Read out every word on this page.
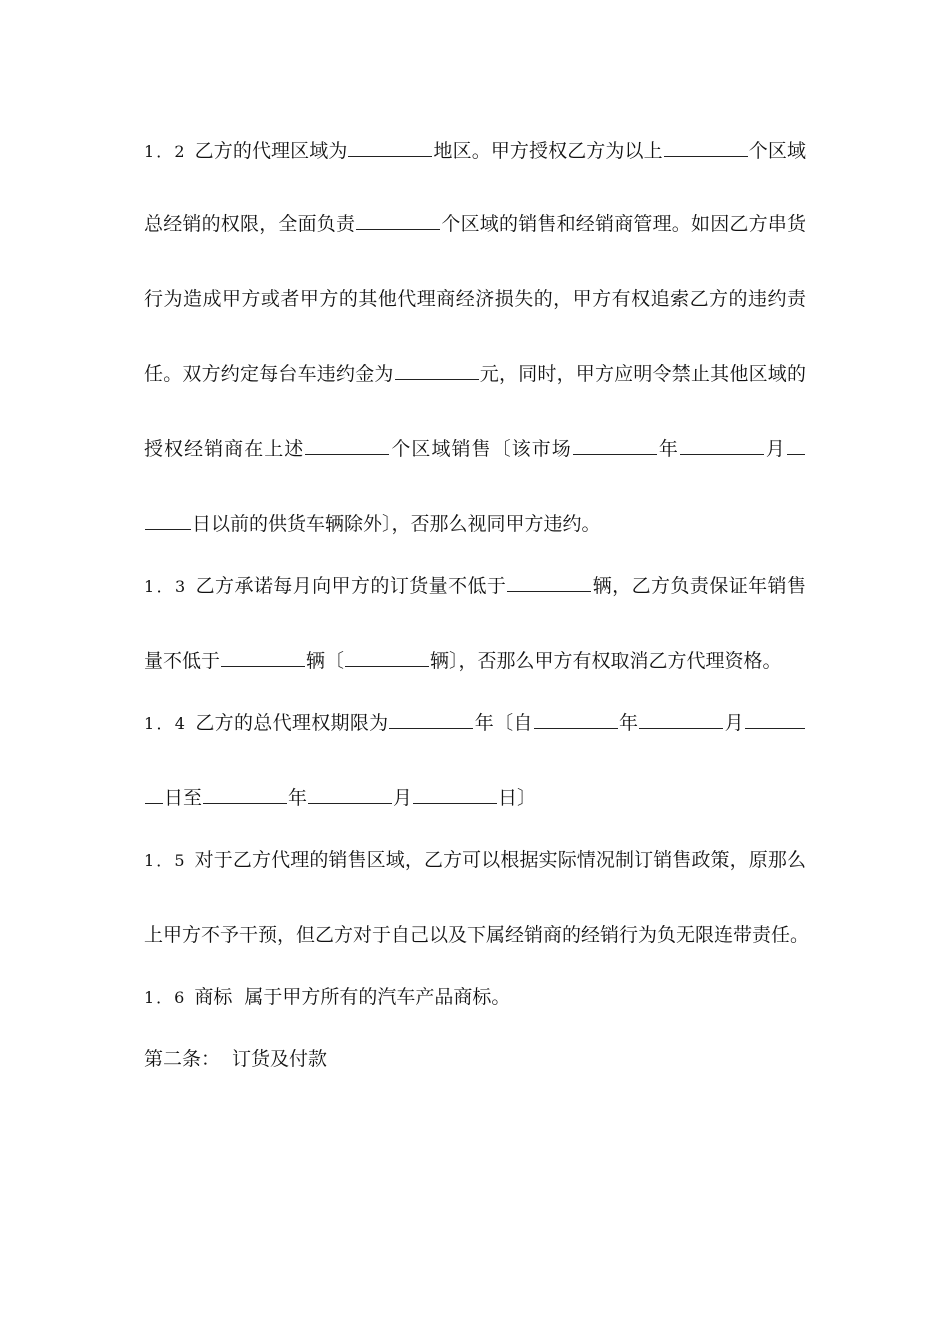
1．2 乙方的代理区域为	地区。甲方授权乙方为以上	个区域
总经销的权限，全面负责	个区域的销售和经销商管理。如因乙方串货
行为造成甲方或者甲方的其他代理商经济损失的，甲方有权追索乙方的违约责
任。双方约定每台车违约金为	元，同时，甲方应明令禁止其他区域的
授权经销商在上述	个区域销售〔该市场	年	月
日以前的供货车辆除外〕，否那么视同甲方违约。
1．3 乙方承诺每月向甲方的订货量不低于	辆，乙方负责保证年销售
量不低于	辆〔	辆〕，否那么甲方有权取消乙方代理资格。
1．4 乙方的总代理权期限为	年〔自	年	月
日至	年	月	日〕
1．5 对于乙方代理的销售区域，乙方可以根据实际情况制订销售政策，原那么
上甲方不予干预，但乙方对于自己以及下属经销商的经销行为负无限连带责任。
1．6 商标 属于甲方所有的汽车产品商标。
第二条： 订货及付款
